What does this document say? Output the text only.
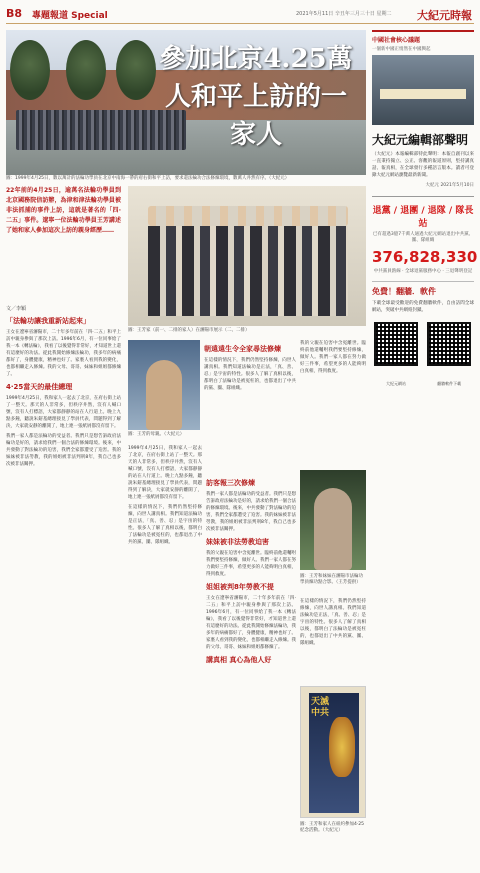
B8 專題報道 Special	2021年5月11日 辛丑年三月三十日 星期二 大紀元時報
參加北京4.25萬人和平上訪的一家人
圖：1999年4月25日，數以萬計的法輪功學員在北京中南海一帶的府右街和平上訪，要求還法輪功合法修煉環境，數萬人井然有序。（大紀元）
22年前的4月25日，逾萬名法輪功學員到北京國務院信訪辦，為津和津法輪功學員被非法抓捕的事件上訪，這就是著名的「四·二五」事件。遼寧一位法輪功學員王芳講述了她和家人參加這次上訪的親身經歷……
文／李穎
「法輪功讓我重新站起來」
王女在遼寧省瀋陽市，二十年多年前在「四·二五」和平上訪中親身參與了那次上訪。1996年6月，有一位同事給了我一本《轉法輪》，我看了以後覺得非常好，才知道世上還有這麼好的功法。從此我開始修煉法輪功，我多年的病痛都好了，身體健康，精神也好了。家裏人看到我的變化，也都相繼走入修煉。我的父母、哥哥、妹妹和姐姐都修煉了。
4·25當天的最佳總理
1999年4月25日，我和家人一起去了北京，在府右街上站了一整天。那天的人非常多，但秩序井然，沒有人喊口號，沒有人打標語，大家都靜靜的站在人行道上。晚上九點多鐘，聽說朱鎔基總理接見了學員代表，問題得到了解決，大家就安靜的離開了，地上連一張紙屑都沒有留下。
我們一家人都是法輪功的受益者。我們只是想告訴政府法輪功是好的，請求給我們一個合法的修煉環境。後來，中共發動了對法輪功的迫害，我們全家都遭受了迫害。我的妹妹被非法勞教，我的姐姐被非法判刑8年，我自己也多次被非法關押。
圖：王芳家（前一、二排的家人）在瀋陽市展示（二、二排）
圖：王芳的母親。（大紀元）
朝遠遠生令全家尋法修煉
在這樣的情況下，我們仍然堅持修煉，向世人講真相。我們知道法輪功是正法，「真、善、忍」是宇宙的特性。很多人了解了真相以後，都明白了法輪功是被冤枉的，也都退出了中共的黨、團、隊組織。
我的父親在迫害中含冤離世。臨終前他還囑咐我們要堅持修煉，做好人。我們一家人都在努力做好三件事，希望更多的人能夠明白真相，得到救度。
1999年4月25日，我和家人一起去了北京，在府右街上站了一整天。那天的人非常多，但秩序井然，沒有人喊口號，沒有人打標語，大家都靜靜的站在人行道上。晚上九點多鐘，聽說朱鎔基總理接見了學員代表，問題得到了解決，大家就安靜的離開了，地上連一張紙屑都沒有留下。
在這樣的情況下，我們仍然堅持修煉，向世人講真相。我們知道法輪功是正法，「真、善、忍」是宇宙的特性。很多人了解了真相以後，都明白了法輪功是被冤枉的，也都退出了中共的黨、團、隊組織。
訪客報三次修煉
我們一家人都是法輪功的受益者。我們只是想告訴政府法輪功是好的，請求給我們一個合法的修煉環境。後來，中共發動了對法輪功的迫害，我們全家都遭受了迫害。我的妹妹被非法勞教，我的姐姐被非法判刑8年，我自己也多次被非法關押。
妹妹被非法勞教迫害
我的父親在迫害中含冤離世。臨終前他還囑咐我們要堅持修煉，做好人。我們一家人都在努力做好三件事，希望更多的人能夠明白真相，得到救度。
姐姐被判8年勞教不提
王女在遼寧省瀋陽市，二十年多年前在「四·二五」和平上訪中親身參與了那次上訪。1996年6月，有一位同事給了我一本《轉法輪》，我看了以後覺得非常好，才知道世上還有這麼好的功法。從此我開始修煉法輪功，我多年的病痛都好了，身體健康，精神也好了。家裏人看到我的變化，也都相繼走入修煉。我的父母、哥哥、妹妹和姐姐都修煉了。
講真相 真心為他人好
圖：王芳和妹妹在瀋陽市法輪功學員煉功點合影。（王芳提供）
在這樣的情況下，我們仍然堅持修煉，向世人講真相。我們知道法輪功是正法，「真、善、忍」是宇宙的特性。很多人了解了真相以後，都明白了法輪功是被冤枉的，也都退出了中共的黨、團、隊組織。
天滅中共
圖：王芳和家人在紐約參加4·25紀念活動。（大紀元）
中國社會核心議題
一個新中國正悄然在中國興起
大紀元編輯部聲明

（大紀元）本報編輯部特此聲明：本報自創刊以來一直秉持獨立、公正、客觀的報道原則，堅持講真話、報真相，在全球發行多種語言版本。讀者可登錄大紀元網站瀏覽最新新聞。

大紀元 2021年5月10日
退黨 / 退團 / 退隊 / 隊長站
已有超過3億7千萬人通過大紀元網站退出中共黨、團、隊組織
376,828,330
中共黨員熱線 · 全球退黨服務中心 · 三退聲明登記
免費！翻牆．軟件

下載全球最受歡迎的免費翻牆軟件，自由訪問全球網站，突破中共網絡封鎖。

大紀元網站	翻牆軟件下載
